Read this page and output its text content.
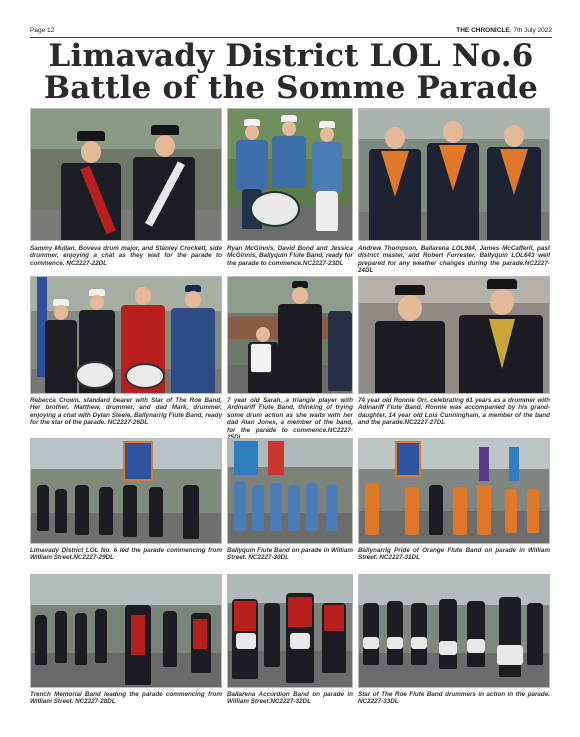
Page 12	THE CHRONICLE, 7th July 2022
Limavady District LOL No.6
Battle of the Somme Parade
Sammy Mullan, Boveva drum major, and Stanley Crockett, side drummer, enjoying a chat as they wait for the parade to commence. NC2227-22DL
Ryan McGinnis, David Bond and Jessica McGinnis, Ballyquin Flute Band, ready for the parade to commence.NC2227-23DL
Andrew Thompson, Ballarena LOL984, James McCafferll, past district master, and Robert Forrester, Ballyquin LOL643 well prepared for any weather changes during the parade.NC2227-24DL
Rebecca Crown, standard bearer with Star of The Roe Band, Her brother, Matthew, drummer, and dad Mark, drummer, enjoying a chat with Dylan Steele, Ballynarrig Flute Band, ready for the star of the parade. NC2227-26DL
7 year old Sarah, a triangle player with Ardinariff Flute Band, thinking of trying some drum action as she waits with her dad Alan Jones, a member of the band, for the parade to commence.NC2227-
74 year old Ronnie Orr, celebrating 61 years as a drummer with Adinariff Flute Band, Ronnie was accompanied by his grand-daughter, 14 year old Lois Cunningham, a member of the band and the parade.NC2227-27DL
Limavady District LOL No. 6 led the parade commencing from William Street.NC2227-29DL
Ballyquin Flute Band on parade in William Street. NC2227-30DL
Ballynarrig Pride of Orange Flute Band on parade in William Street. NC2227-31DL
Trench Memorial Band leading the parade commencing from William Street. NC2227-28DL
Ballarena Accordion Band on parade in William Street.NC2227-32DL
Star of The Roe Flute Band drummers in action in the parade. NC2227-33DL
